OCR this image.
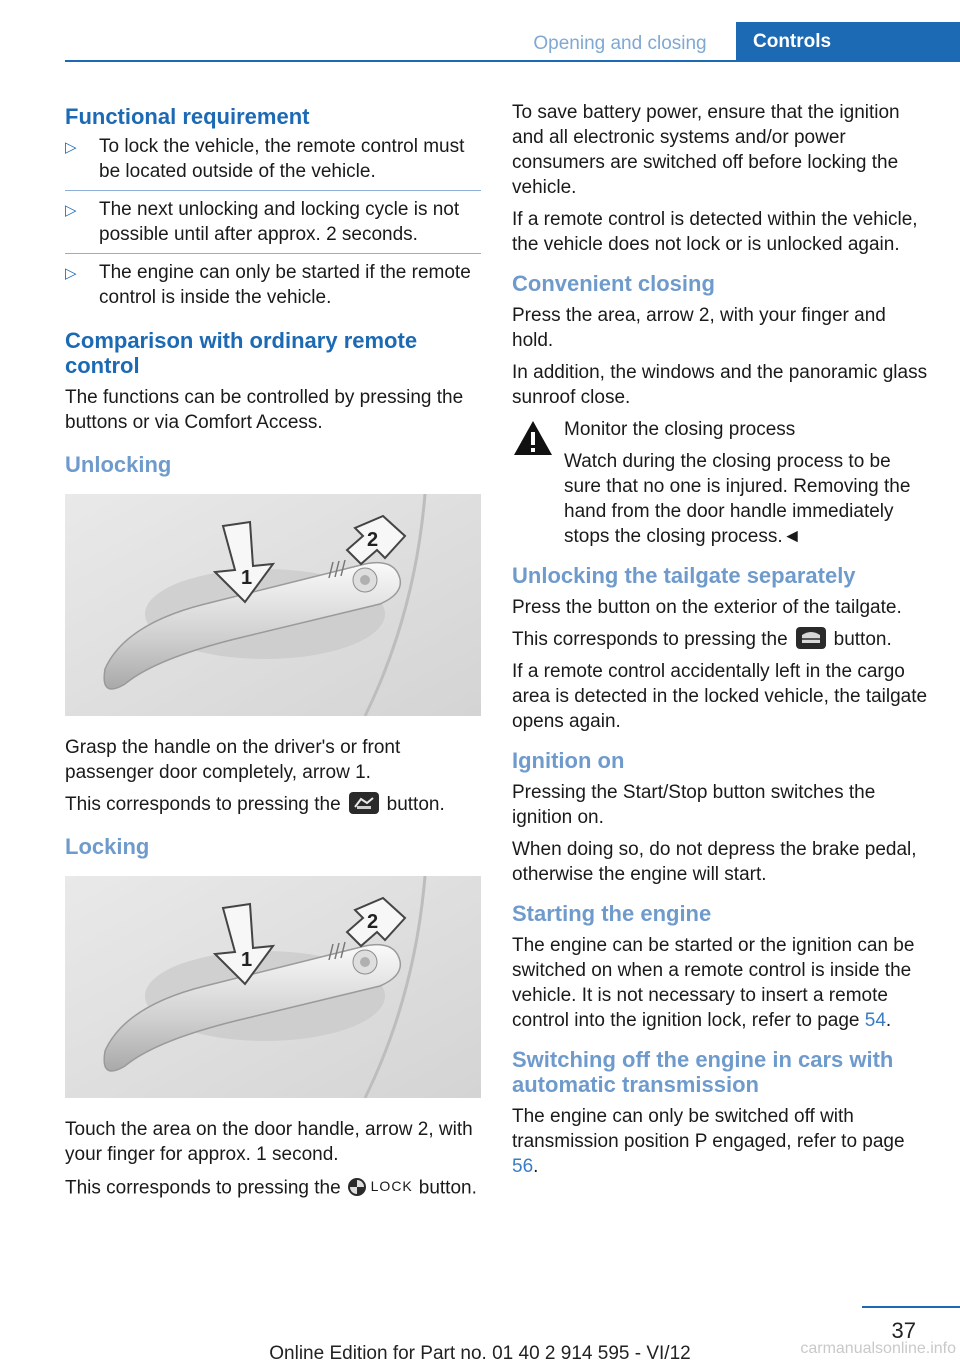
Opening and closing	Controls
Functional requirement
▷ To lock the vehicle, the remote control must be located outside of the vehicle.
▷ The next unlocking and locking cycle is not possible until after approx. 2 seconds.
▷ The engine can only be started if the remote control is inside the vehicle.
Comparison with ordinary remote control

The functions can be controlled by pressing the buttons or via Comfort Access.

Unlocking
1
2

Grasp the handle on the driver's or front passenger door completely, arrow 1.

This corresponds to pressing the button.

Locking
1
2

Touch the area on the door handle, arrow 2, with your finger for approx. 1 second.

This corresponds to pressing the LOCK button.

To save battery power, ensure that the ignition and all electronic systems and/or power consumers are switched off before locking the vehicle.

If a remote control is detected within the vehicle, the vehicle does not lock or is unlocked again.

Convenient closing

Press the area, arrow 2, with your finger and hold.

In addition, the windows and the panoramic glass sunroof close.

Monitor the closing process

Watch during the closing process to be sure that no one is injured. Removing the hand from the door handle immediately stops the closing process.◄

Unlocking the tailgate separately

Press the button on the exterior of the tailgate.

This corresponds to pressing the button.

If a remote control accidentally left in the cargo area is detected in the locked vehicle, the tailgate opens again.

Ignition on

Pressing the Start/Stop button switches the ignition on.

When doing so, do not depress the brake pedal, otherwise the engine will start.

Starting the engine

The engine can be started or the ignition can be switched on when a remote control is inside the vehicle. It is not necessary to insert a remote control into the ignition lock, refer to page 54.

Switching off the engine in cars with automatic transmission

The engine can only be switched off with transmission position P engaged, refer to page 56.

37
Online Edition for Part no. 01 40 2 914 595 - VI/12	carmanualsonline.info
